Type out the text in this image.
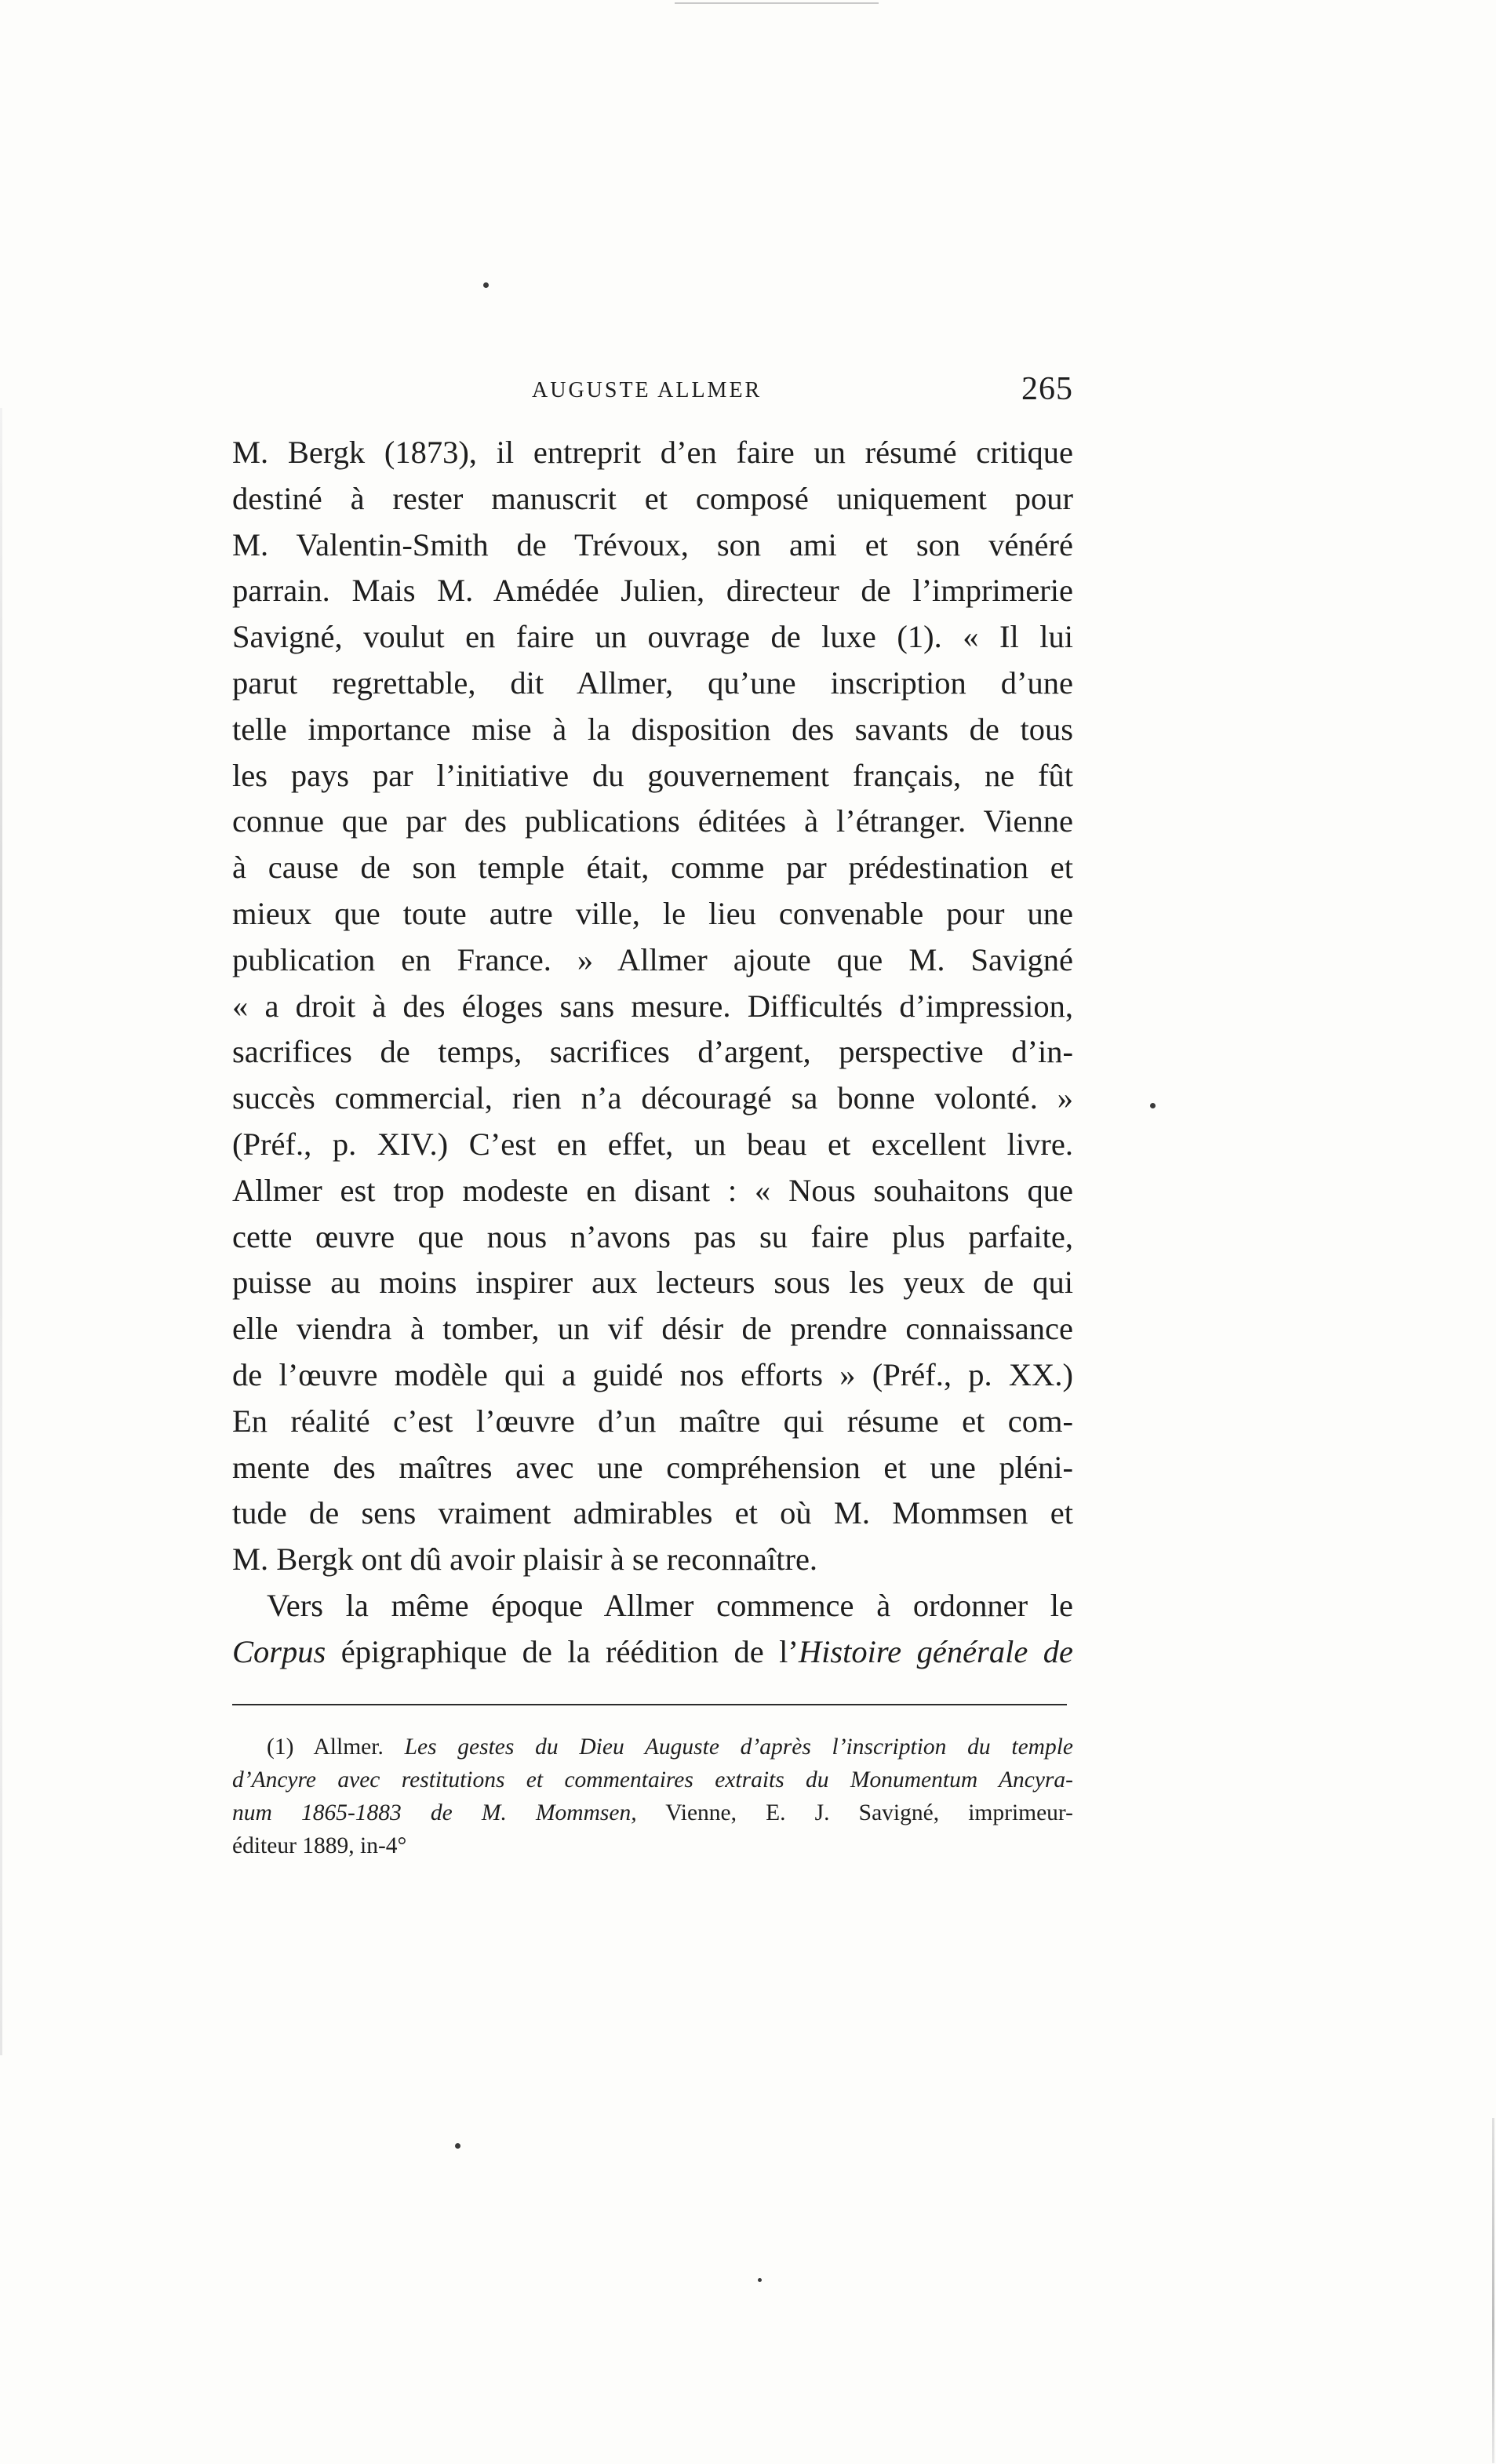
AUGUSTE ALLMER	265
M. Bergk (1873), il entreprit d’en faire un résumé critique
destiné à rester manuscrit et composé uniquement pour
M. Valentin-Smith de Trévoux, son ami et son vénéré
parrain. Mais M. Amédée Julien, directeur de l’imprimerie
Savigné, voulut en faire un ouvrage de luxe (1). « Il lui
parut regrettable, dit Allmer, qu’une inscription d’une
telle importance mise à la disposition des savants de tous
les pays par l’initiative du gouvernement français, ne fût
connue que par des publications éditées à l’étranger. Vienne
à cause de son temple était, comme par prédestination et
mieux que toute autre ville, le lieu convenable pour une
publication en France. » Allmer ajoute que M. Savigné
« a droit à des éloges sans mesure. Difficultés d’impression,
sacrifices de temps, sacrifices d’argent, perspective d’in-
succès commercial, rien n’a découragé sa bonne volonté. »
(Préf., p. XIV.) C’est en effet, un beau et excellent livre.
Allmer est trop modeste en disant : « Nous souhaitons que
cette œuvre que nous n’avons pas su faire plus parfaite,
puisse au moins inspirer aux lecteurs sous les yeux de qui
elle viendra à tomber, un vif désir de prendre connaissance
de l’œuvre modèle qui a guidé nos efforts » (Préf., p. XX.)
En réalité c’est l’œuvre d’un maître qui résume et com-
mente des maîtres avec une compréhension et une pléni-
tude de sens vraiment admirables et où M. Mommsen et
M. Bergk ont dû avoir plaisir à se reconnaître.
Vers la même époque Allmer commence à ordonner le
Corpus épigraphique de la réédition de l’Histoire générale de
(1) Allmer. Les gestes du Dieu Auguste d’après l’inscription du temple
d’Ancyre avec restitutions et commentaires extraits du Monumentum Ancyra-
num 1865-1883 de M. Mommsen, Vienne, E. J. Savigné, imprimeur-
éditeur 1889, in-4°
